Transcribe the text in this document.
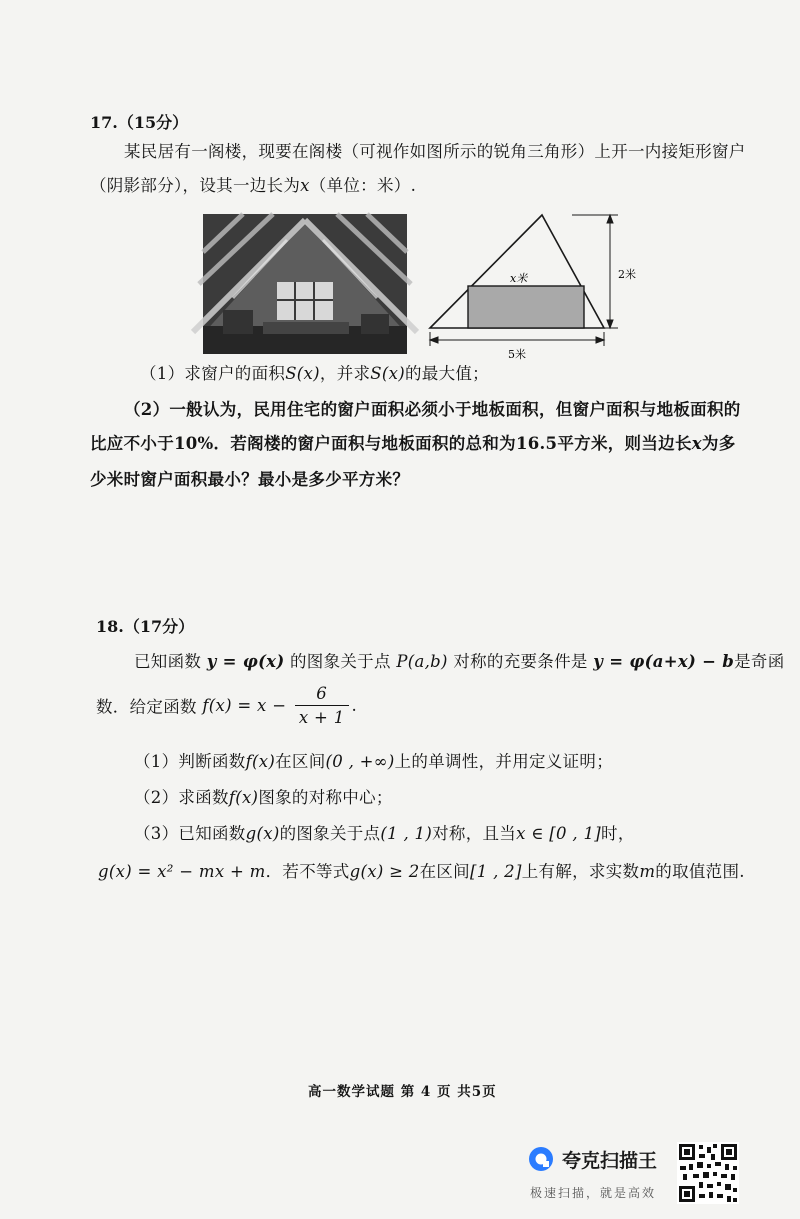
17.（15分）
某民居有一阁楼，现要在阁楼（可视作如图所示的锐角三角形）上开一内接矩形窗户
（阴影部分），设其一边长为x（单位：米）.
x米	2米
5米
（1）求窗户的面积S(x)，并求S(x)的最大值；
（2）一般认为，民用住宅的窗户面积必须小于地板面积，但窗户面积与地板面积的
比应不小于10%．若阁楼的窗户面积与地板面积的总和为16.5平方米，则当边长x为多
少米时窗户面积最小？最小是多少平方米？
18.（17分）
已知函数 y = φ(x) 的图象关于点 P(a,b) 对称的充要条件是 y = φ(a+x) − b是奇函
数．给定函数 $f(x) = x - \frac{6}{x + 1}$ .
（1）判断函数f(x)在区间(0 , +∞)上的单调性，并用定义证明；
（2）求函数f(x)图象的对称中心；
（3）已知函数g(x)的图象关于点(1 , 1)对称，且当x ∈ [0 , 1]时，
g(x) = x² − mx + m．若不等式g(x) ≥ 2在区间[1 , 2]上有解，求实数m的取值范围.
高一数学试题 第 4 页 共5页
夸克扫描王
极速扫描，就是高效
